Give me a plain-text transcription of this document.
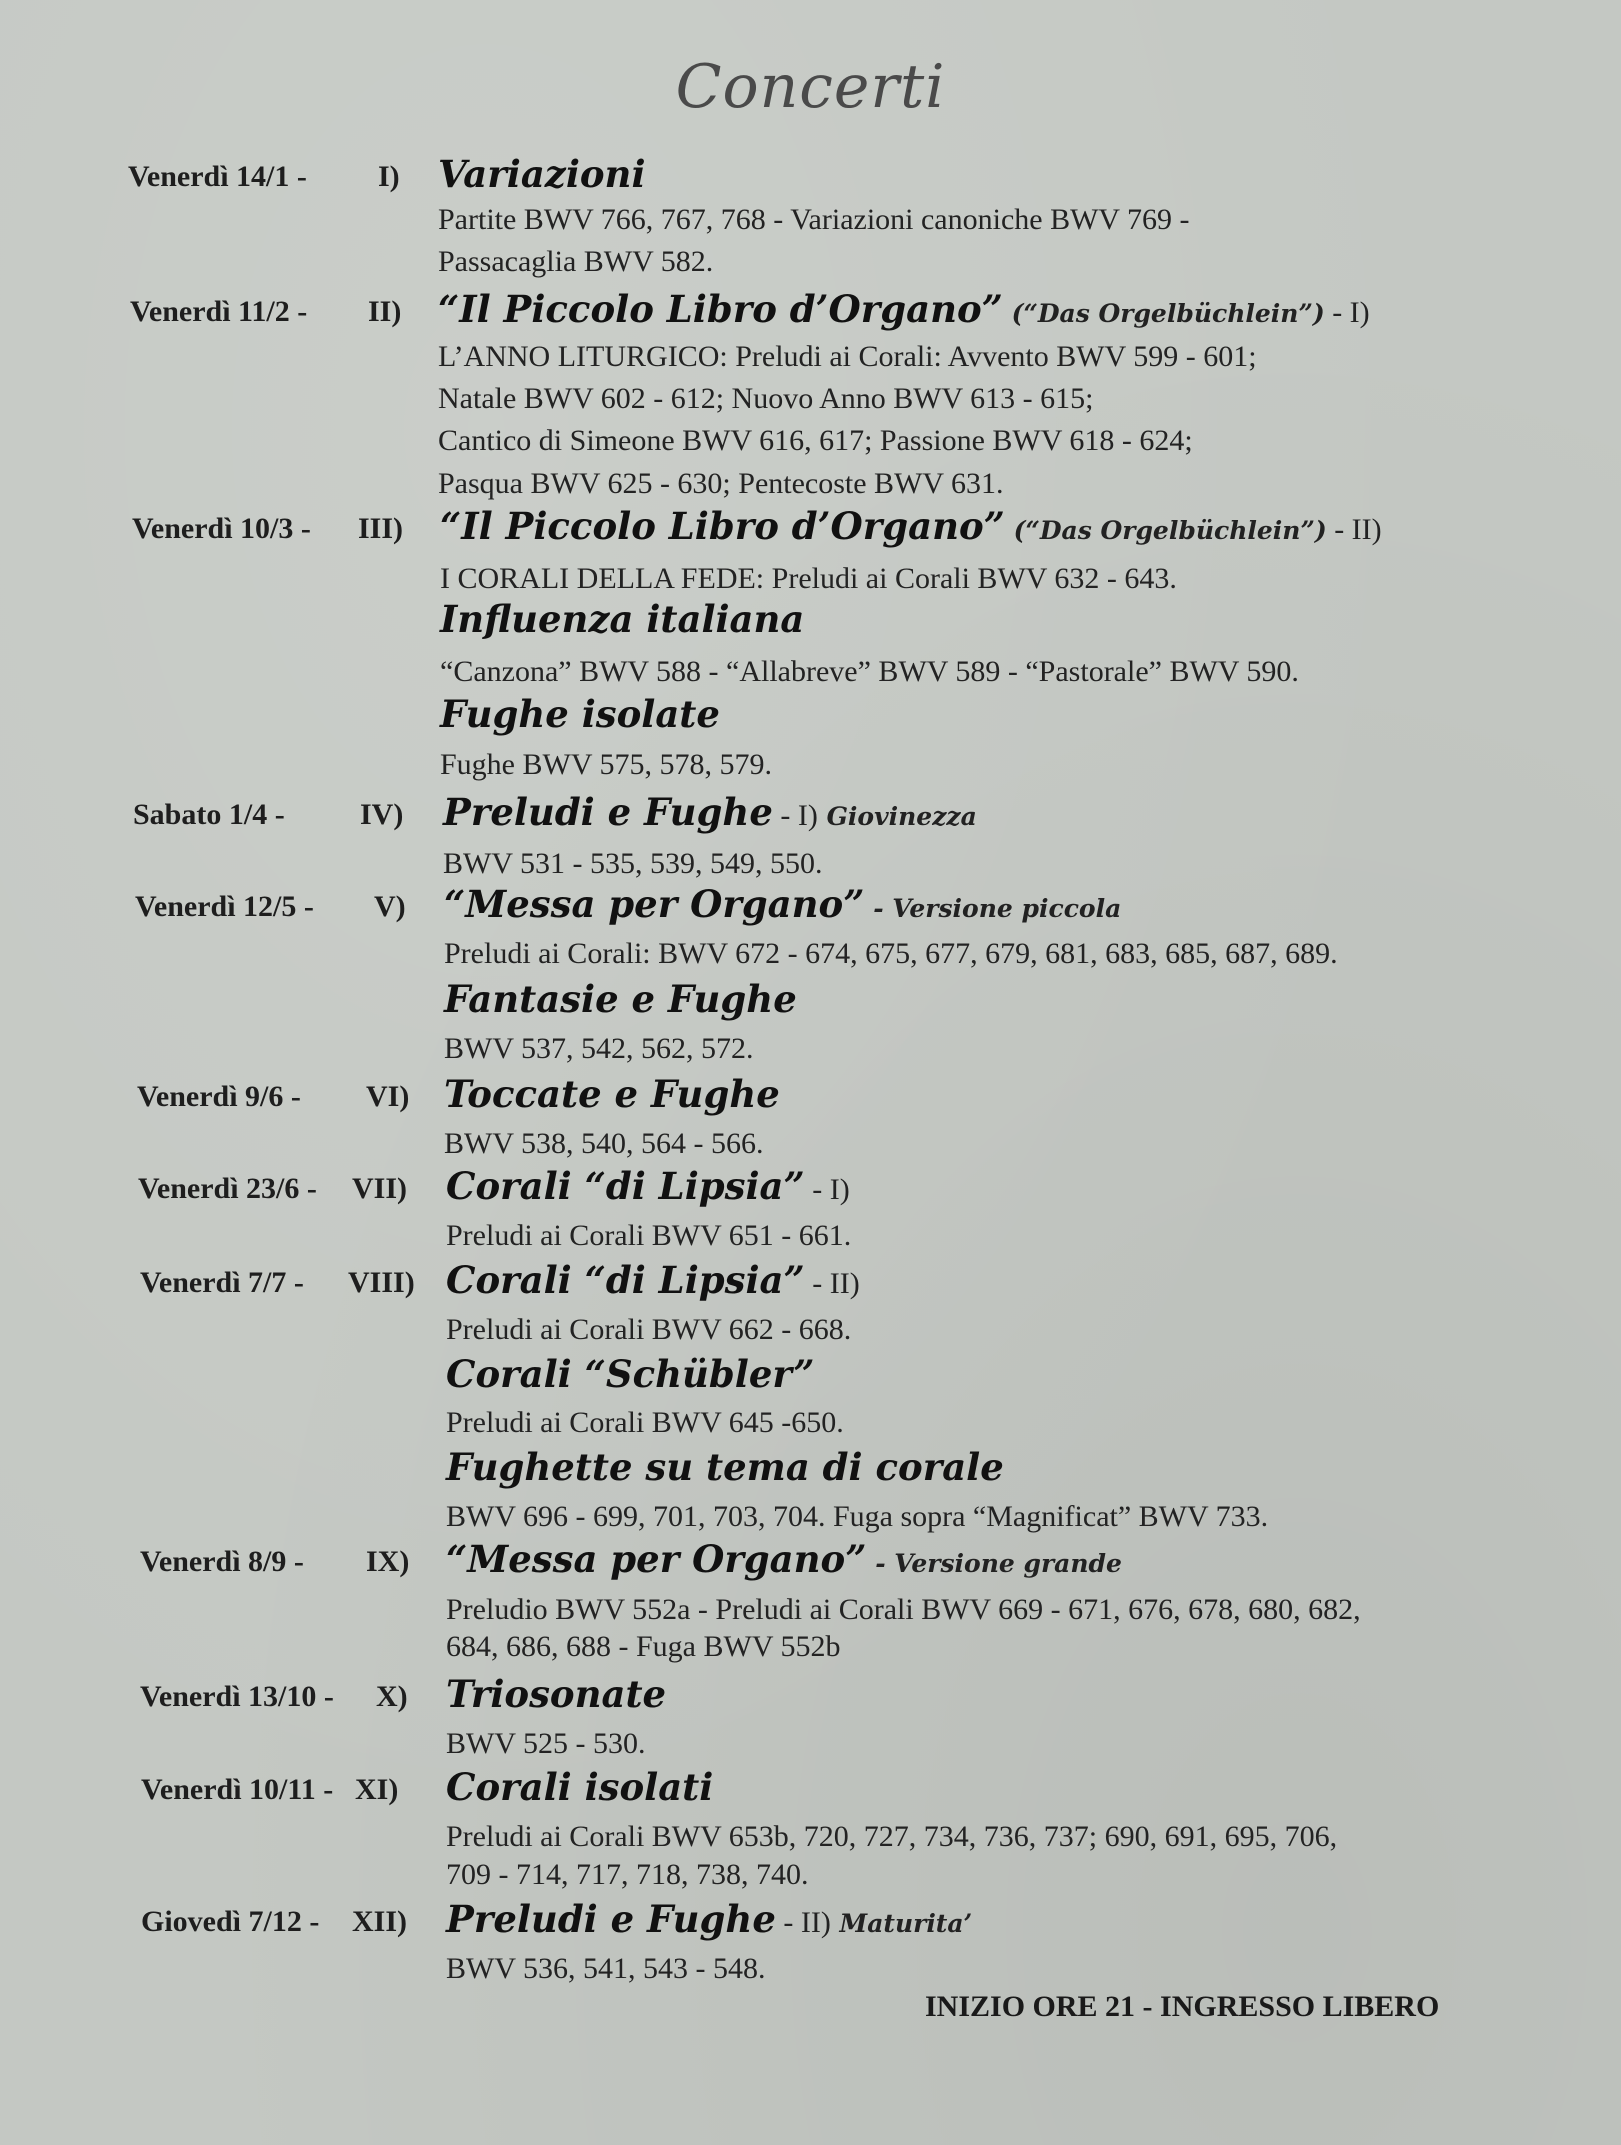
Concerti
Venerdì 14/1 - I) Variazioni
Partite BWV 766, 767, 768 - Variazioni canoniche BWV 769 -
Passacaglia BWV 582.
Venerdì 11/2 - II) “Il Piccolo Libro d’Organo” (“Das Orgelbüchlein”) - I)
L’ANNO LITURGICO: Preludi ai Corali: Avvento BWV 599 - 601;
Natale BWV 602 - 612; Nuovo Anno BWV 613 - 615;
Cantico di Simeone BWV 616, 617; Passione BWV 618 - 624;
Pasqua BWV 625 - 630; Pentecoste BWV 631.
Venerdì 10/3 - III) “Il Piccolo Libro d’Organo” (“Das Orgelbüchlein”) - II)
I CORALI DELLA FEDE: Preludi ai Corali BWV 632 - 643.
Influenza italiana
“Canzona” BWV 588 - “Allabreve” BWV 589 - “Pastorale” BWV 590.
Fughe isolate
Fughe BWV 575, 578, 579.
Sabato 1/4 -	IV) Preludi e Fughe - I) Giovinezza
BWV 531 - 535, 539, 549, 550.
Venerdì 12/5 - V) “Messa per Organo” - Versione piccola
Preludi ai Corali: BWV 672 - 674, 675, 677, 679, 681, 683, 685, 687, 689.
Fantasie e Fughe
BWV 537, 542, 562, 572.
Venerdì 9/6 - VI) Toccate e Fughe
BWV 538, 540, 564 - 566.
Venerdì 23/6 - VII) Corali “di Lipsia” - I)
Preludi ai Corali BWV 651 - 661.
Venerdì 7/7 - VIII) Corali “di Lipsia” - II)
Preludi ai Corali BWV 662 - 668.
Corali “Schübler”
Preludi ai Corali BWV 645 -650.
Fughette su tema di corale
BWV 696 - 699, 701, 703, 704. Fuga sopra “Magnificat” BWV 733.
Venerdì 8/9 - IX) “Messa per Organo” - Versione grande
Preludio BWV 552a - Preludi ai Corali BWV 669 - 671, 676, 678, 680, 682,
684, 686, 688 - Fuga BWV 552b
Venerdì 13/10 - X) Triosonate
BWV 525 - 530.
Venerdì 10/11 - XI) Corali isolati
Preludi ai Corali BWV 653b, 720, 727, 734, 736, 737; 690, 691, 695, 706,
709 - 714, 717, 718, 738, 740.
Giovedì 7/12 - XII) Preludi e Fughe - II) Maturita’
BWV 536, 541, 543 - 548.
INIZIO ORE 21 - INGRESSO LIBERO
